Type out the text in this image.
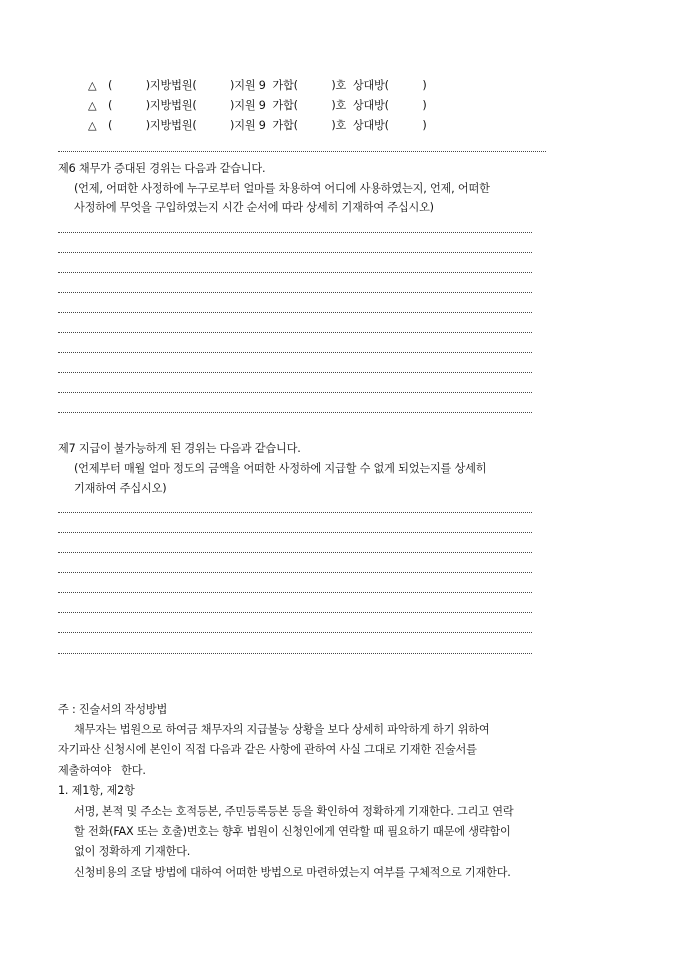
△ (          )지방법원(          )지원 9  가합(          )호  상대방(          )
△ (          )지방법원(          )지원 9  가합(          )호  상대방(          )
△ (          )지방법원(          )지원 9  가합(          )호  상대방(          )
제6 채무가 증대된 경위는 다음과 같습니다.
(언제, 어떠한 사정하에 누구로부터 얼마를 차용하여 어디에 사용하였는지, 언제, 어떠한
사정하에 무엇을 구입하였는지 시간 순서에 따라 상세히 기재하여 주십시오)
제7 지급이 불가능하게 된 경위는 다음과 같습니다.
(언제부터 매월 얼마 정도의 금액을 어떠한 사정하에 지급할 수 없게 되었는지를 상세히
기재하여 주십시오)
주 : 진술서의 작성방법
채무자는 법원으로 하여금 채무자의 지급불능 상황을 보다 상세히 파악하게 하기 위하여
자기파산 신청시에 본인이 직접 다음과 같은 사항에 관하여 사실 그대로 기재한 진술서를
제출하여야   한다.
1. 제1항, 제2항
서명, 본적 및 주소는 호적등본, 주민등록등본 등을 확인하여 정확하게 기재한다. 그리고 연락
할 전화(FAX 또는 호출)번호는 향후 법원이 신청인에게 연락할 때 필요하기 때문에 생략함이
없이 정확하게 기재한다.
신청비용의 조달 방법에 대하여 어떠한 방법으로 마련하였는지 여부를 구체적으로 기재한다.
